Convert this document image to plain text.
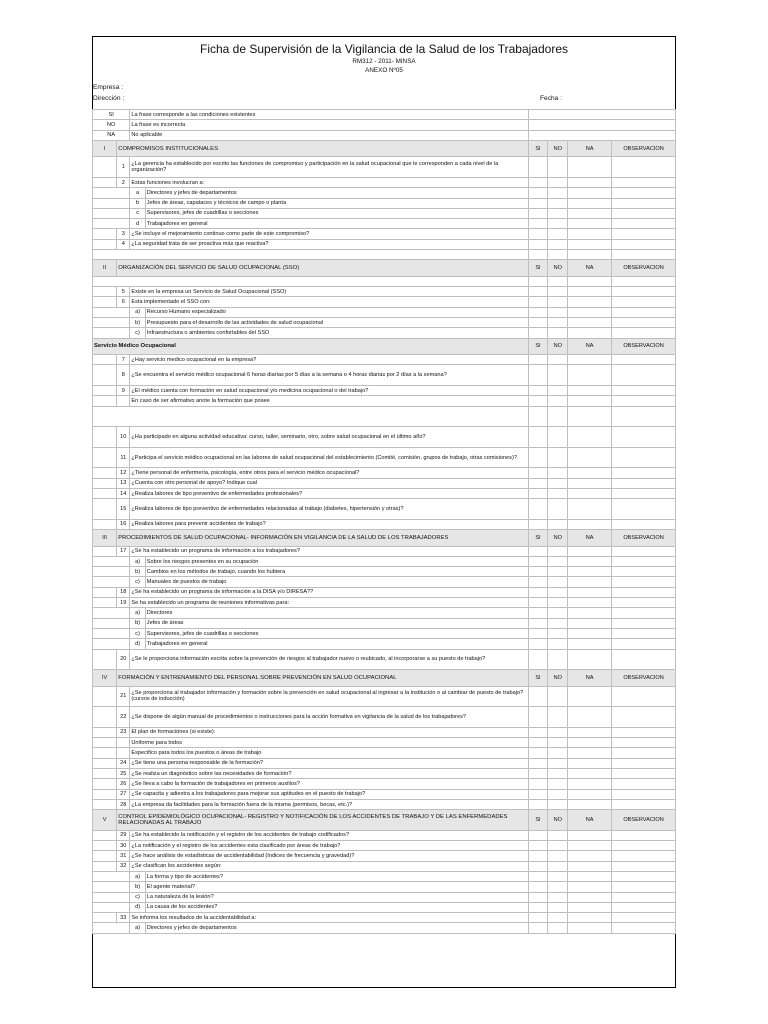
Ficha de Supervisión de la Vigilancia de la Salud de los Trabajadores
RM312 - 2011- MINSA
ANEXO Nº05
Empresa :
Dirección :	Fecha :
SI		La frase corresponde a las condiciones existentes					
NO		La frase es incorrecta					
NA		No aplicable					
I	COMPROMISOS INSTITUCIONALES			SI	NO	NA	OBSERVACION
	1	¿La gerencia ha establecido por escrito las funciones de compromiso y participación en la salud ocupacional que le corresponden a cada nivel de la organización?					
	2	Estas funciones involucran a:					
		a	Directores y jefes de departamentos				
		b	Jefes de áreas, capataces y técnicos de campo o planta				
		c	Supervisores, jefes de cuadrillas o secciones				
		d	Trabajadores en general				
	3	¿Se incluye el mejoramiento continuo como parte de este compromiso?					
	4	¿La seguridad trata de ser proactiva más que reactiva?					

II	ORGANIZACIÓN DEL SERVICIO DE SALUD OCUPACIONAL (SSO)			SI	NO	NA	OBSERVACION

	5	Existe en la empresa un Servicio de Salud Ocupacional (SSO)					
	6	Esta implementado el SSO con:					
		a)	Recurso Humano especializado				
		b)	Presupuesto para el desarrollo de las actividades de salud ocupacional				
		c)	Infraestructura o ambientes confortables del SSO				
Servicio Médico Ocupacional				SI	NO	NA	OBSERVACION
	7	¿Hay servicio medico ocupacional en la empresa?					
	8	¿Se encuentra el servicio médico ocupacional 6 horas diarias por 5 días a la semana o 4 horas diarias por 2 días a la semana?					
	9	¿El médico cuenta con formación en salud ocupacional y/o medicina ocupacional o del trabajo?					
		En caso de ser afirmativo anote la formación que posee					

	10	¿Ha participado en alguna actividad educativa: curso, taller, seminario, otro, sobre salud ocupacional en el último año?					
	11	¿Participa el servicio médico ocupacional en las labores de salud ocupacional del establecimiento (Comité, comisión, grupos de trabajo, otras comisiones)?					
	12	¿Tiene personal de enfermería, psicología, entre otros para el servicio médico ocupacional?					
	13	¿Cuenta con otro personal de apoyo? Indique cual					
	14	¿Realiza labores de tipo preventivo de enfermedades profesionales?					
	15	¿Realiza labores de tipo preventivo de enfermedades relacionadas al trabajo (diabetes, hipertensión y otras)?					
	16	¿Realiza labores para prevenir accidentes de trabajo?					
III	PROCEDIMIENTOS DE SALUD OCUPACIONAL- INFORMACIÓN EN VIGILANCIA DE LA SALUD DE LOS TRABAJADORES			SI	NO	NA	OBSERVACION
	17	¿Se ha establecido un programa de información a los trabajadores?					
		a)	Sobre los riesgos presentes en su ocupación				
		b)	Cambios en los métodos de trabajo, cuando los hubiera				
		c)	Manuales de puestos de trabajo				
	18	¿Se ha establecido un programa de información a la DISA y/o DIRESA??					
	19	Se ha establecido un programa de reuniones informativas para:					
		a)	Directores				
		b)	Jefes de áreas				
		c)	Supervisores, jefes de cuadrillas o secciones				
		d)	Trabajadores en general				
	20	¿Se le proporciona información escrita sobre la prevención de riesgos al trabajador nuevo o reubicado, al incorporarse a su puesto de trabajo?					
IV	FORMACIÓN Y ENTRENAMIENTO DEL PERSONAL SOBRE PREVENCIÓN EN SALUD OCUPACIONAL			SI	NO	NA	OBSERVACION
	21	¿Se proporciona al trabajador información y formación sobre la prevención en salud ocupacional al ingresar a la institución o al cambiar de puesto de trabajo? (cursos de inducción)					
	22	¿Se dispone de algún manual de procedimientos o instrucciones para la acción formativa en vigilancia de la salud de los trabajadores?					
	23	El plan de formaciónes (si existe):					
		Uniforme para todos					
		Especifico para todos los puestos o áreas de trabajo					
	24	¿Se tiene una persona responsable de la formación?					
	25	¿Se realiza un diagnóstico sobre las necesidades de formación?					
	26	¿Se lleva a cabo la formación de trabajadores en primeros auxilios?					
	27	¿Se capacita y adiestra a los trabajadores para mejorar sus aptitudes en el puesto de trabajo?					
	28	¿La empresa da facilidades para la formación fuera de la misma (permisos, becas, etc.)?					
V	CONTROL EPIDEMIOLÓGICO OCUPACIONAL- REGISTRO Y NOTIFICACIÓN DE LOS ACCIDENTES DE TRABAJO Y DE LAS ENFERMEDADES RELACIONADAS AL TRABAJO			SI	NO	NA	OBSERVACION
	29	¿Se ha establecido la notificación y el registro de los accidentes de trabajo codificados?					
	30	¿La notificación y el registro de los accidentes esta clasificado por áreas de trabajo?					
	31	¿Se hace análisis de estadísticas de accidentabilidad (índices de frecuencia y gravedad)?					
	32	¿Se clasifican los accidentes según:					
		a)	La forma y tipo de accidentes?				
		b)	El agente material?				
		c)	La naturaleza de la lesión?				
		d)	La causa de los accidentes?				
	33	Se informa los resultados de la accidentabilidad a:					
		a)	Directores y jefes de departamentos				
